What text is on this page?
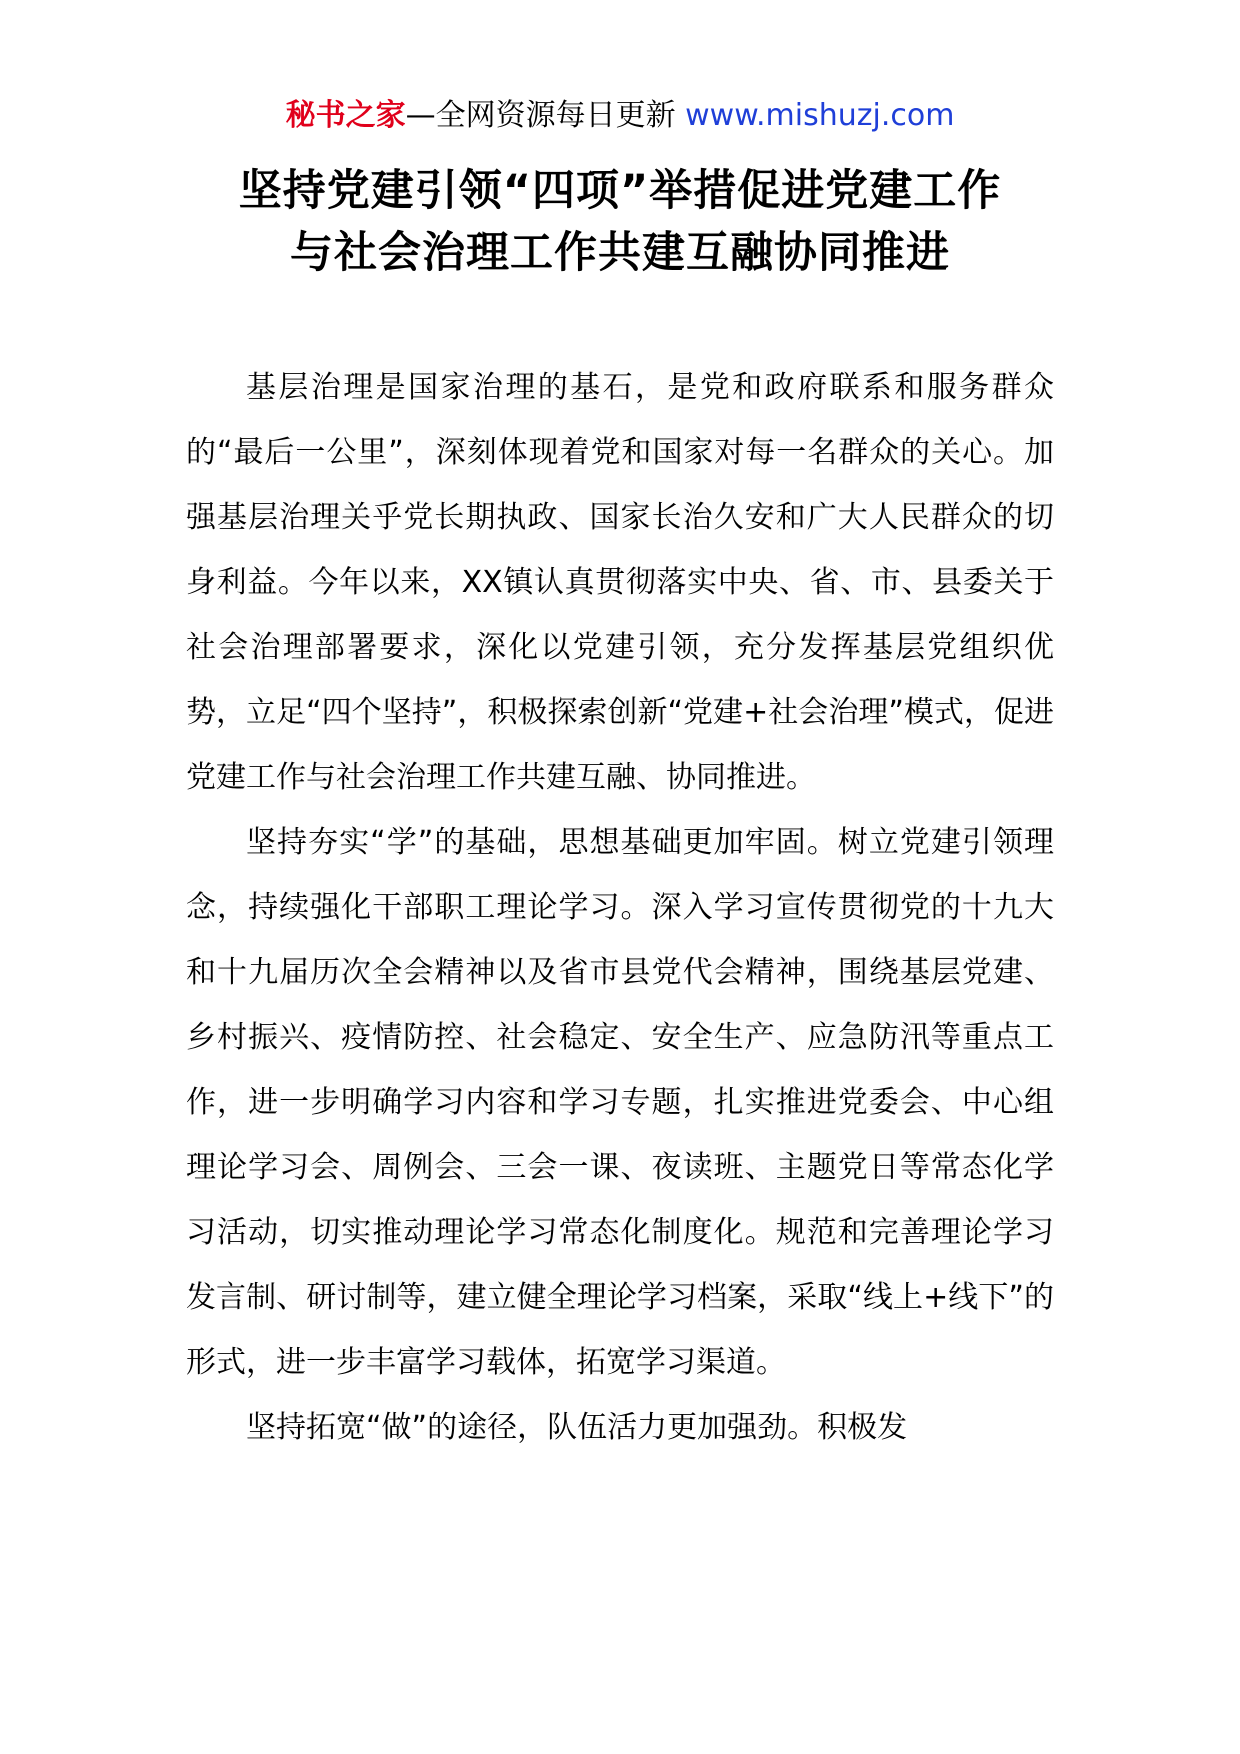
秘书之家—全网资源每日更新 www.mishuzj.com
坚持党建引领“四项”举措促进党建工作
与社会治理工作共建互融协同推进

基层治理是国家治理的基石，是党和政府联系和服务群众的“最后一公里”，深刻体现着党和国家对每一名群众的关心。加强基层治理关乎党长期执政、国家长治久安和广大人民群众的切身利益。今年以来，XX镇认真贯彻落实中央、省、市、县委关于社会治理部署要求，深化以党建引领，充分发挥基层党组织优势，立足“四个坚持”，积极探索创新“党建+社会治理”模式，促进党建工作与社会治理工作共建互融、协同推进。

坚持夯实“学”的基础，思想基础更加牢固。树立党建引领理念，持续强化干部职工理论学习。深入学习宣传贯彻党的十九大和十九届历次全会精神以及省市县党代会精神，围绕基层党建、乡村振兴、疫情防控、社会稳定、安全生产、应急防汛等重点工作，进一步明确学习内容和学习专题，扎实推进党委会、中心组理论学习会、周例会、三会一课、夜读班、主题党日等常态化学习活动，切实推动理论学习常态化制度化。规范和完善理论学习发言制、研讨制等，建立健全理论学习档案，采取“线上+线下”的形式，进一步丰富学习载体，拓宽学习渠道。

坚持拓宽“做”的途径，队伍活力更加强劲。积极发
